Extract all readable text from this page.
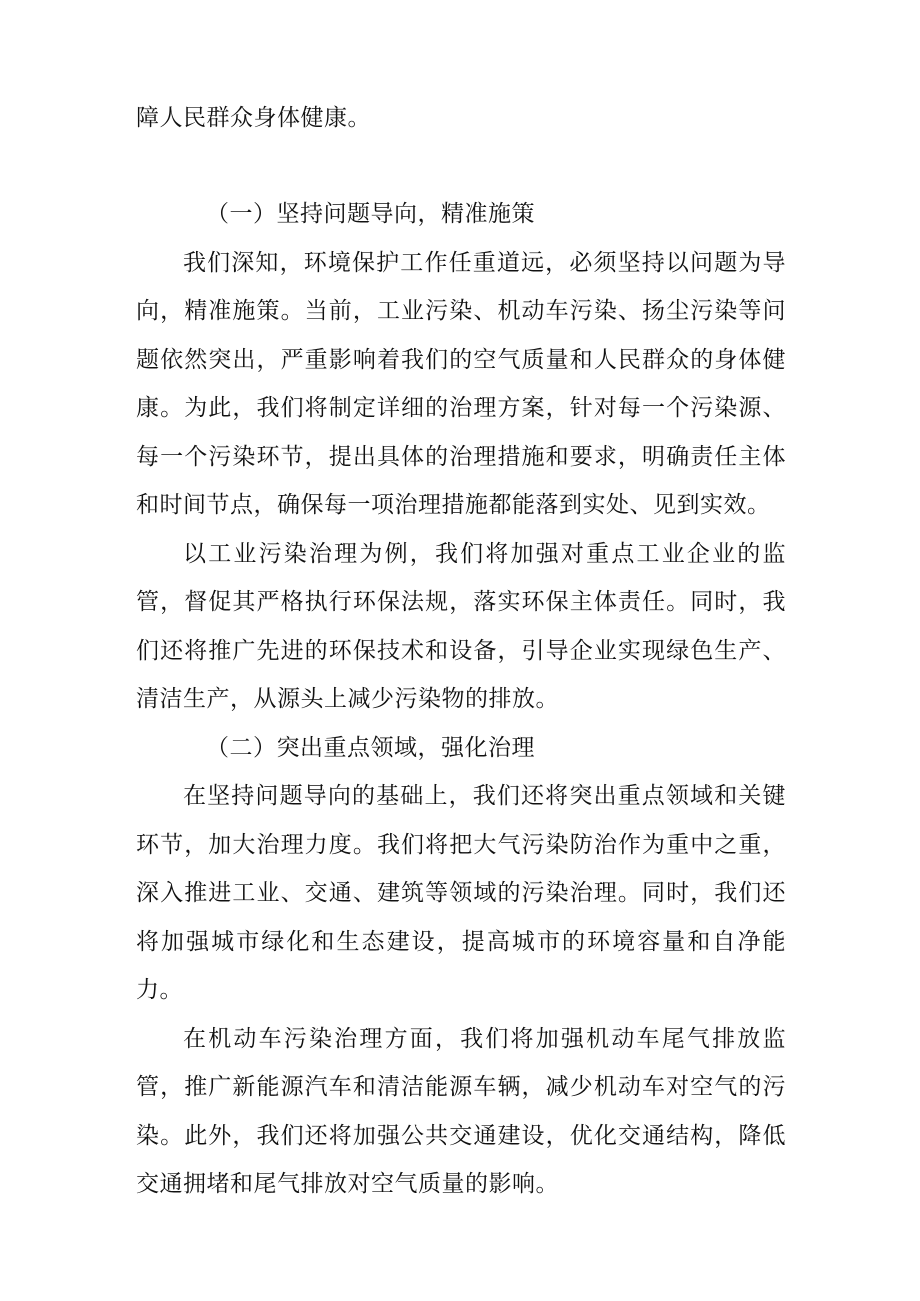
障人民群众身体健康。

（一）坚持问题导向，精准施策

我们深知，环境保护工作任重道远，必须坚持以问题为导向，精准施策。当前，工业污染、机动车污染、扬尘污染等问题依然突出，严重影响着我们的空气质量和人民群众的身体健康。为此，我们将制定详细的治理方案，针对每一个污染源、每一个污染环节，提出具体的治理措施和要求，明确责任主体和时间节点，确保每一项治理措施都能落到实处、见到实效。

以工业污染治理为例，我们将加强对重点工业企业的监管，督促其严格执行环保法规，落实环保主体责任。同时，我们还将推广先进的环保技术和设备，引导企业实现绿色生产、清洁生产，从源头上减少污染物的排放。

（二）突出重点领域，强化治理

在坚持问题导向的基础上，我们还将突出重点领域和关键环节，加大治理力度。我们将把大气污染防治作为重中之重，深入推进工业、交通、建筑等领域的污染治理。同时，我们还将加强城市绿化和生态建设，提高城市的环境容量和自净能力。

在机动车污染治理方面，我们将加强机动车尾气排放监管，推广新能源汽车和清洁能源车辆，减少机动车对空气的污染。此外，我们还将加强公共交通建设，优化交通结构，降低交通拥堵和尾气排放对空气质量的影响。
